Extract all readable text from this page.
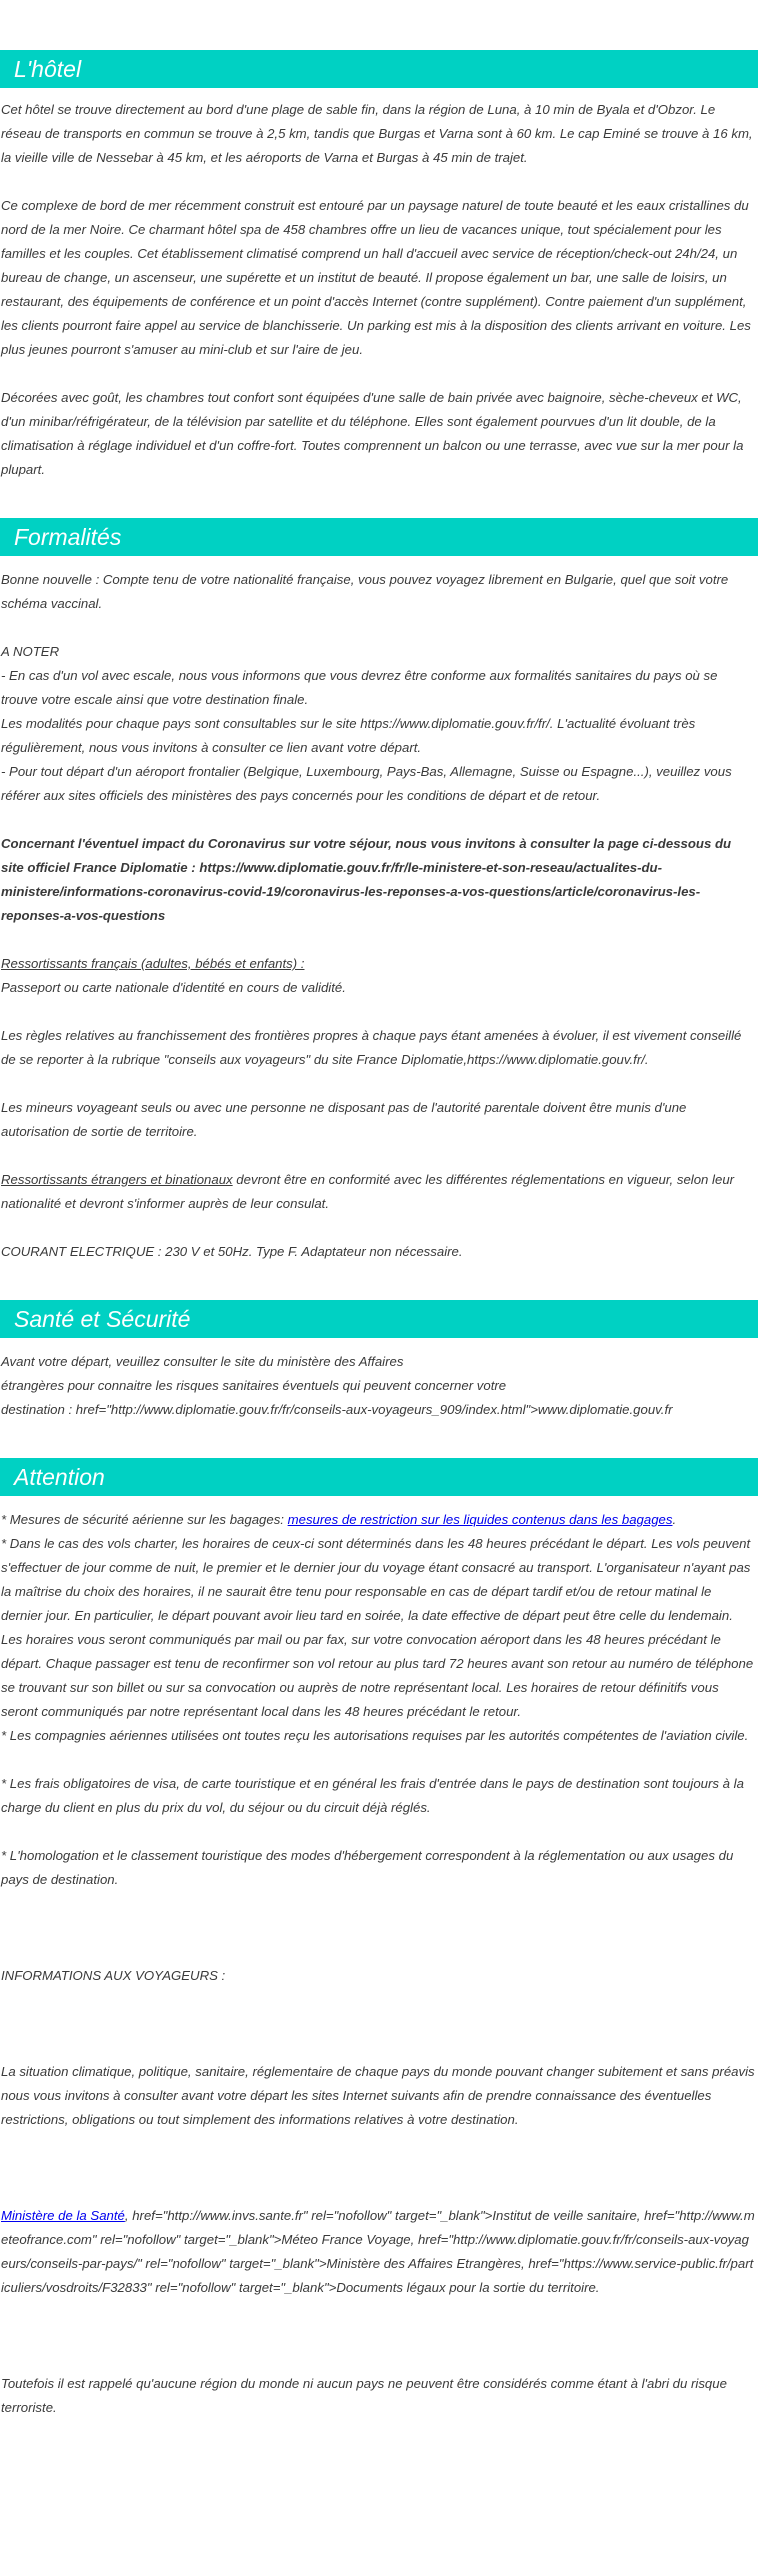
L'hôtel

Cet hôtel se trouve directement au bord d'une plage de sable fin, dans la région de Luna, à 10 min de Byala et d'Obzor. Le réseau de transports en commun se trouve à 2,5 km, tandis que Burgas et Varna sont à 60 km. Le cap Eminé se trouve à 16 km, la vieille ville de Nessebar à 45 km, et les aéroports de Varna et Burgas à 45 min de trajet.

Ce complexe de bord de mer récemment construit est entouré par un paysage naturel de toute beauté et les eaux cristallines du nord de la mer Noire. Ce charmant hôtel spa de 458 chambres offre un lieu de vacances unique, tout spécialement pour les familles et les couples. Cet établissement climatisé comprend un hall d'accueil avec service de réception/check-out 24h/24, un bureau de change, un ascenseur, une supérette et un institut de beauté. Il propose également un bar, une salle de loisirs, un restaurant, des équipements de conférence et un point d'accès Internet (contre supplément). Contre paiement d'un supplément, les clients pourront faire appel au service de blanchisserie. Un parking est mis à la disposition des clients arrivant en voiture. Les plus jeunes pourront s'amuser au mini-club et sur l'aire de jeu.

Décorées avec goût, les chambres tout confort sont équipées d'une salle de bain privée avec baignoire, sèche-cheveux et WC, d'un minibar/réfrigérateur, de la télévision par satellite et du téléphone. Elles sont également pourvues d'un lit double, de la climatisation à réglage individuel et d'un coffre-fort. Toutes comprennent un balcon ou une terrasse, avec vue sur la mer pour la plupart.

Formalités

Bonne nouvelle : Compte tenu de votre nationalité française, vous pouvez voyagez librement en Bulgarie, quel que soit votre schéma vaccinal.

A NOTER

- En cas d'un vol avec escale, nous vous informons que vous devrez être conforme aux formalités sanitaires du pays où se trouve votre escale ainsi que votre destination finale.

Les modalités pour chaque pays sont consultables sur le site https://www.diplomatie.gouv.fr/fr/. L'actualité évoluant très régulièrement, nous vous invitons à consulter ce lien avant votre départ.

- Pour tout départ d'un aéroport frontalier (Belgique, Luxembourg, Pays-Bas, Allemagne, Suisse ou Espagne...), veuillez vous référer aux sites officiels des ministères des pays concernés pour les conditions de départ et de retour.

Concernant l'éventuel impact du Coronavirus sur votre séjour, nous vous invitons à consulter la page ci-dessous du site officiel France Diplomatie : https://www.diplomatie.gouv.fr/fr/le-ministere-et-son-reseau/actualites-du-ministere/informations-coronavirus-covid-19/coronavirus-les-reponses-a-vos-questions/article/coronavirus-les-reponses-a-vos-questions

Ressortissants français (adultes, bébés et enfants) :

Passeport ou carte nationale d'identité en cours de validité.

Les règles relatives au franchissement des frontières propres à chaque pays étant amenées à évoluer, il est vivement conseillé de se reporter à la rubrique "conseils aux voyageurs" du site France Diplomatie,https://www.diplomatie.gouv.fr/.

Les mineurs voyageant seuls ou avec une personne ne disposant pas de l'autorité parentale doivent être munis d'une autorisation de sortie de territoire.

Ressortissants étrangers et binationaux devront être en conformité avec les différentes réglementations en vigueur, selon leur nationalité et devront s'informer auprès de leur consulat.

COURANT ELECTRIQUE : 230 V et 50Hz. Type F. Adaptateur non nécessaire.

Santé et Sécurité

Avant votre départ, veuillez consulter le site du ministère des Affaires

étrangères pour connaitre les risques sanitaires éventuels qui peuvent concerner votre

destination : href="http://www.diplomatie.gouv.fr/fr/conseils-aux-voyageurs_909/index.html">www.diplomatie.gouv.fr

Attention

* Mesures de sécurité aérienne sur les bagages: mesures de restriction sur les liquides contenus dans les bagages.

* Dans le cas des vols charter, les horaires de ceux-ci sont déterminés dans les 48 heures précédant le départ. Les vols peuvent s'effectuer de jour comme de nuit, le premier et le dernier jour du voyage étant consacré au transport. L'organisateur n'ayant pas la maîtrise du choix des horaires, il ne saurait être tenu pour responsable en cas de départ tardif et/ou de retour matinal le dernier jour. En particulier, le départ pouvant avoir lieu tard en soirée, la date effective de départ peut être celle du lendemain. Les horaires vous seront communiqués par mail ou par fax, sur votre convocation aéroport dans les 48 heures précédant le départ. Chaque passager est tenu de reconfirmer son vol retour au plus tard 72 heures avant son retour au numéro de téléphone se trouvant sur son billet ou sur sa convocation ou auprès de notre représentant local. Les horaires de retour définitifs vous seront communiqués par notre représentant local dans les 48 heures précédant le retour.

* Les compagnies aériennes utilisées ont toutes reçu les autorisations requises par les autorités compétentes de l'aviation civile.

* Les frais obligatoires de visa, de carte touristique et en général les frais d'entrée dans le pays de destination sont toujours à la charge du client en plus du prix du vol, du séjour ou du circuit déjà réglés.

* L'homologation et le classement touristique des modes d'hébergement correspondent à la réglementation ou aux usages du pays de destination.

INFORMATIONS AUX VOYAGEURS :

La situation climatique, politique, sanitaire, réglementaire de chaque pays du monde pouvant changer subitement et sans préavis

nous vous invitons à consulter avant votre départ les sites Internet suivants afin de prendre connaissance des éventuelles restrictions, obligations ou tout simplement des informations relatives à votre destination.

Ministère de la Santé, href="http://www.invs.sante.fr" rel="nofollow" target="_blank">Institut de veille sanitaire, href="http://www.meteofrance.com" rel="nofollow" target="_blank">Méteo France Voyage, href="http://www.diplomatie.gouv.fr/fr/conseils-aux-voyageurs/conseils-par-pays/" rel="nofollow" target="_blank">Ministère des Affaires Etrangères, href="https://www.service-public.fr/particuliers/vosdroits/F32833" rel="nofollow" target="_blank">Documents légaux pour la sortie du territoire.

Toutefois il est rappelé qu'aucune région du monde ni aucun pays ne peuvent être considérés comme étant à l'abri du risque terroriste.
